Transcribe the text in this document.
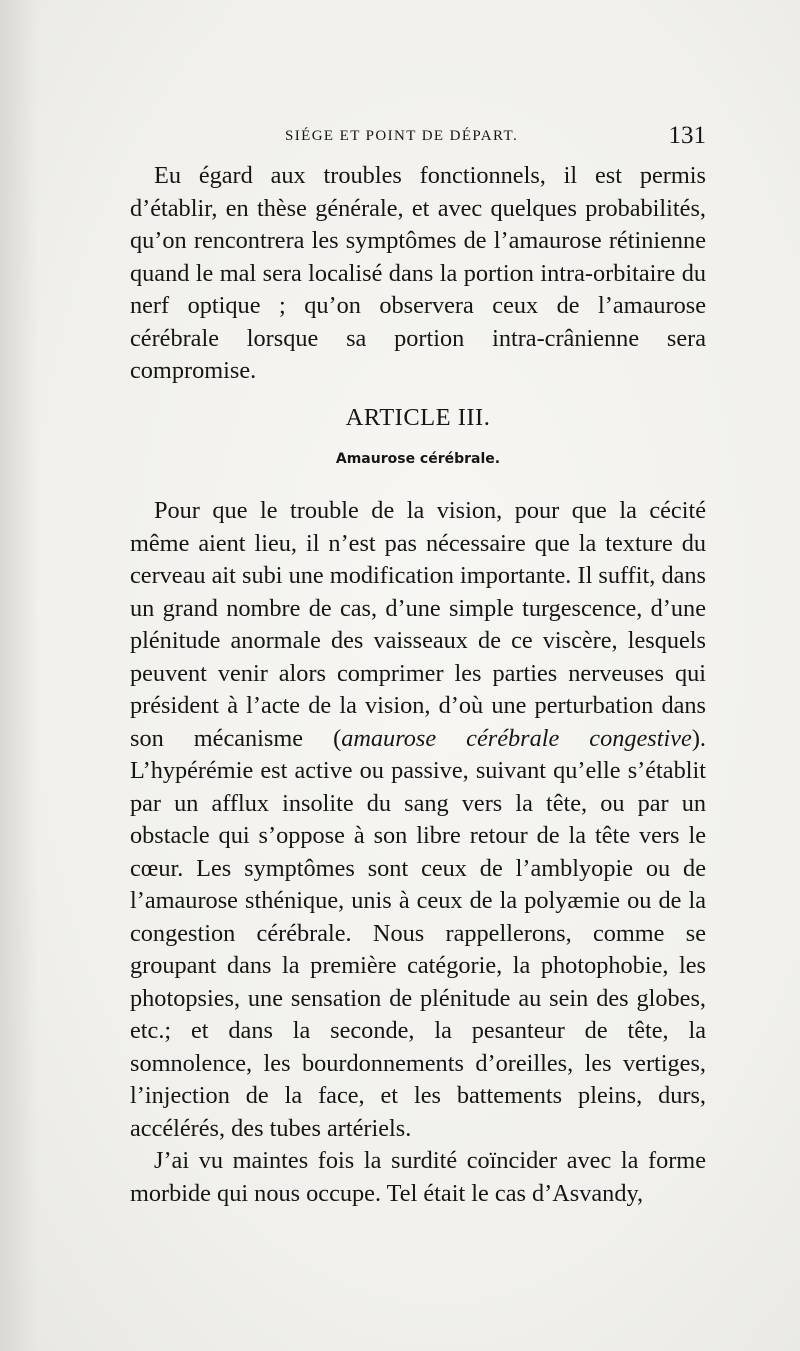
SIÉGE ET POINT DE DÉPART.	131

Eu égard aux troubles fonctionnels, il est permis d’établir, en thèse générale, et avec quelques probabilités, qu’on rencontrera les symptômes de l’amaurose rétinienne quand le mal sera localisé dans la portion intra-orbitaire du nerf optique ; qu’on observera ceux de l’amaurose cérébrale lorsque sa portion intra-crânienne sera compromise.

ARTICLE III.
Amaurose cérébrale.

Pour que le trouble de la vision, pour que la cécité même aient lieu, il n’est pas nécessaire que la texture du cerveau ait subi une modification importante. Il suffit, dans un grand nombre de cas, d’une simple turgescence, d’une plénitude anormale des vaisseaux de ce viscère, lesquels peuvent venir alors comprimer les parties nerveuses qui président à l’acte de la vision, d’où une perturbation dans son mécanisme (amaurose cérébrale congestive). L’hypérémie est active ou passive, suivant qu’elle s’établit par un afflux insolite du sang vers la tête, ou par un obstacle qui s’oppose à son libre retour de la tête vers le cœur. Les symptômes sont ceux de l’amblyopie ou de l’amaurose sthénique, unis à ceux de la polyæmie ou de la congestion cérébrale. Nous rappellerons, comme se groupant dans la première catégorie, la photophobie, les photopsies, une sensation de plénitude au sein des globes, etc.; et dans la seconde, la pesanteur de tête, la somnolence, les bourdonnements d’oreilles, les vertiges, l’injection de la face, et les battements pleins, durs, accélérés, des tubes artériels.

J’ai vu maintes fois la surdité coïncider avec la forme morbide qui nous occupe. Tel était le cas d’Asvandy,
